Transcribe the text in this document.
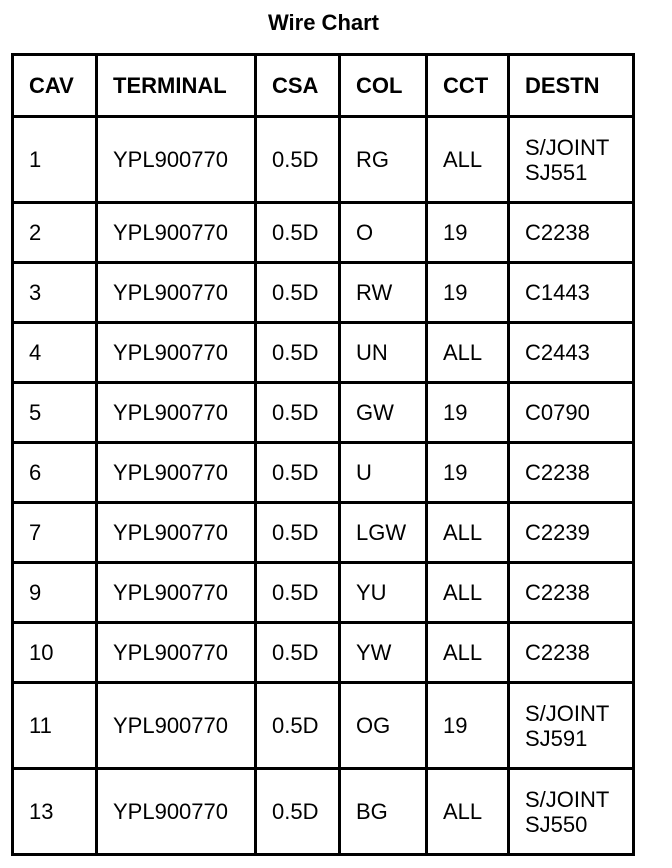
Wire Chart
CAV	TERMINAL	CSA	COL	CCT	DESTN
1	YPL900770	0.5D	RG	ALL	S/JOINT
SJ551

2	YPL900770	0.5D	O	19	C2238

3	YPL900770	0.5D	RW	19	C1443

4	YPL900770	0.5D	UN	ALL	C2443

5	YPL900770	0.5D	GW	19	C0790

6	YPL900770	0.5D	U	19	C2238

7	YPL900770	0.5D	LGW	ALL	C2239

9	YPL900770	0.5D	YU	ALL	C2238

10	YPL900770	0.5D	YW	ALL	C2238

11	YPL900770	0.5D	OG	19	S/JOINT
SJ591

13	YPL900770	0.5D	BG	ALL	S/JOINT
SJ550
